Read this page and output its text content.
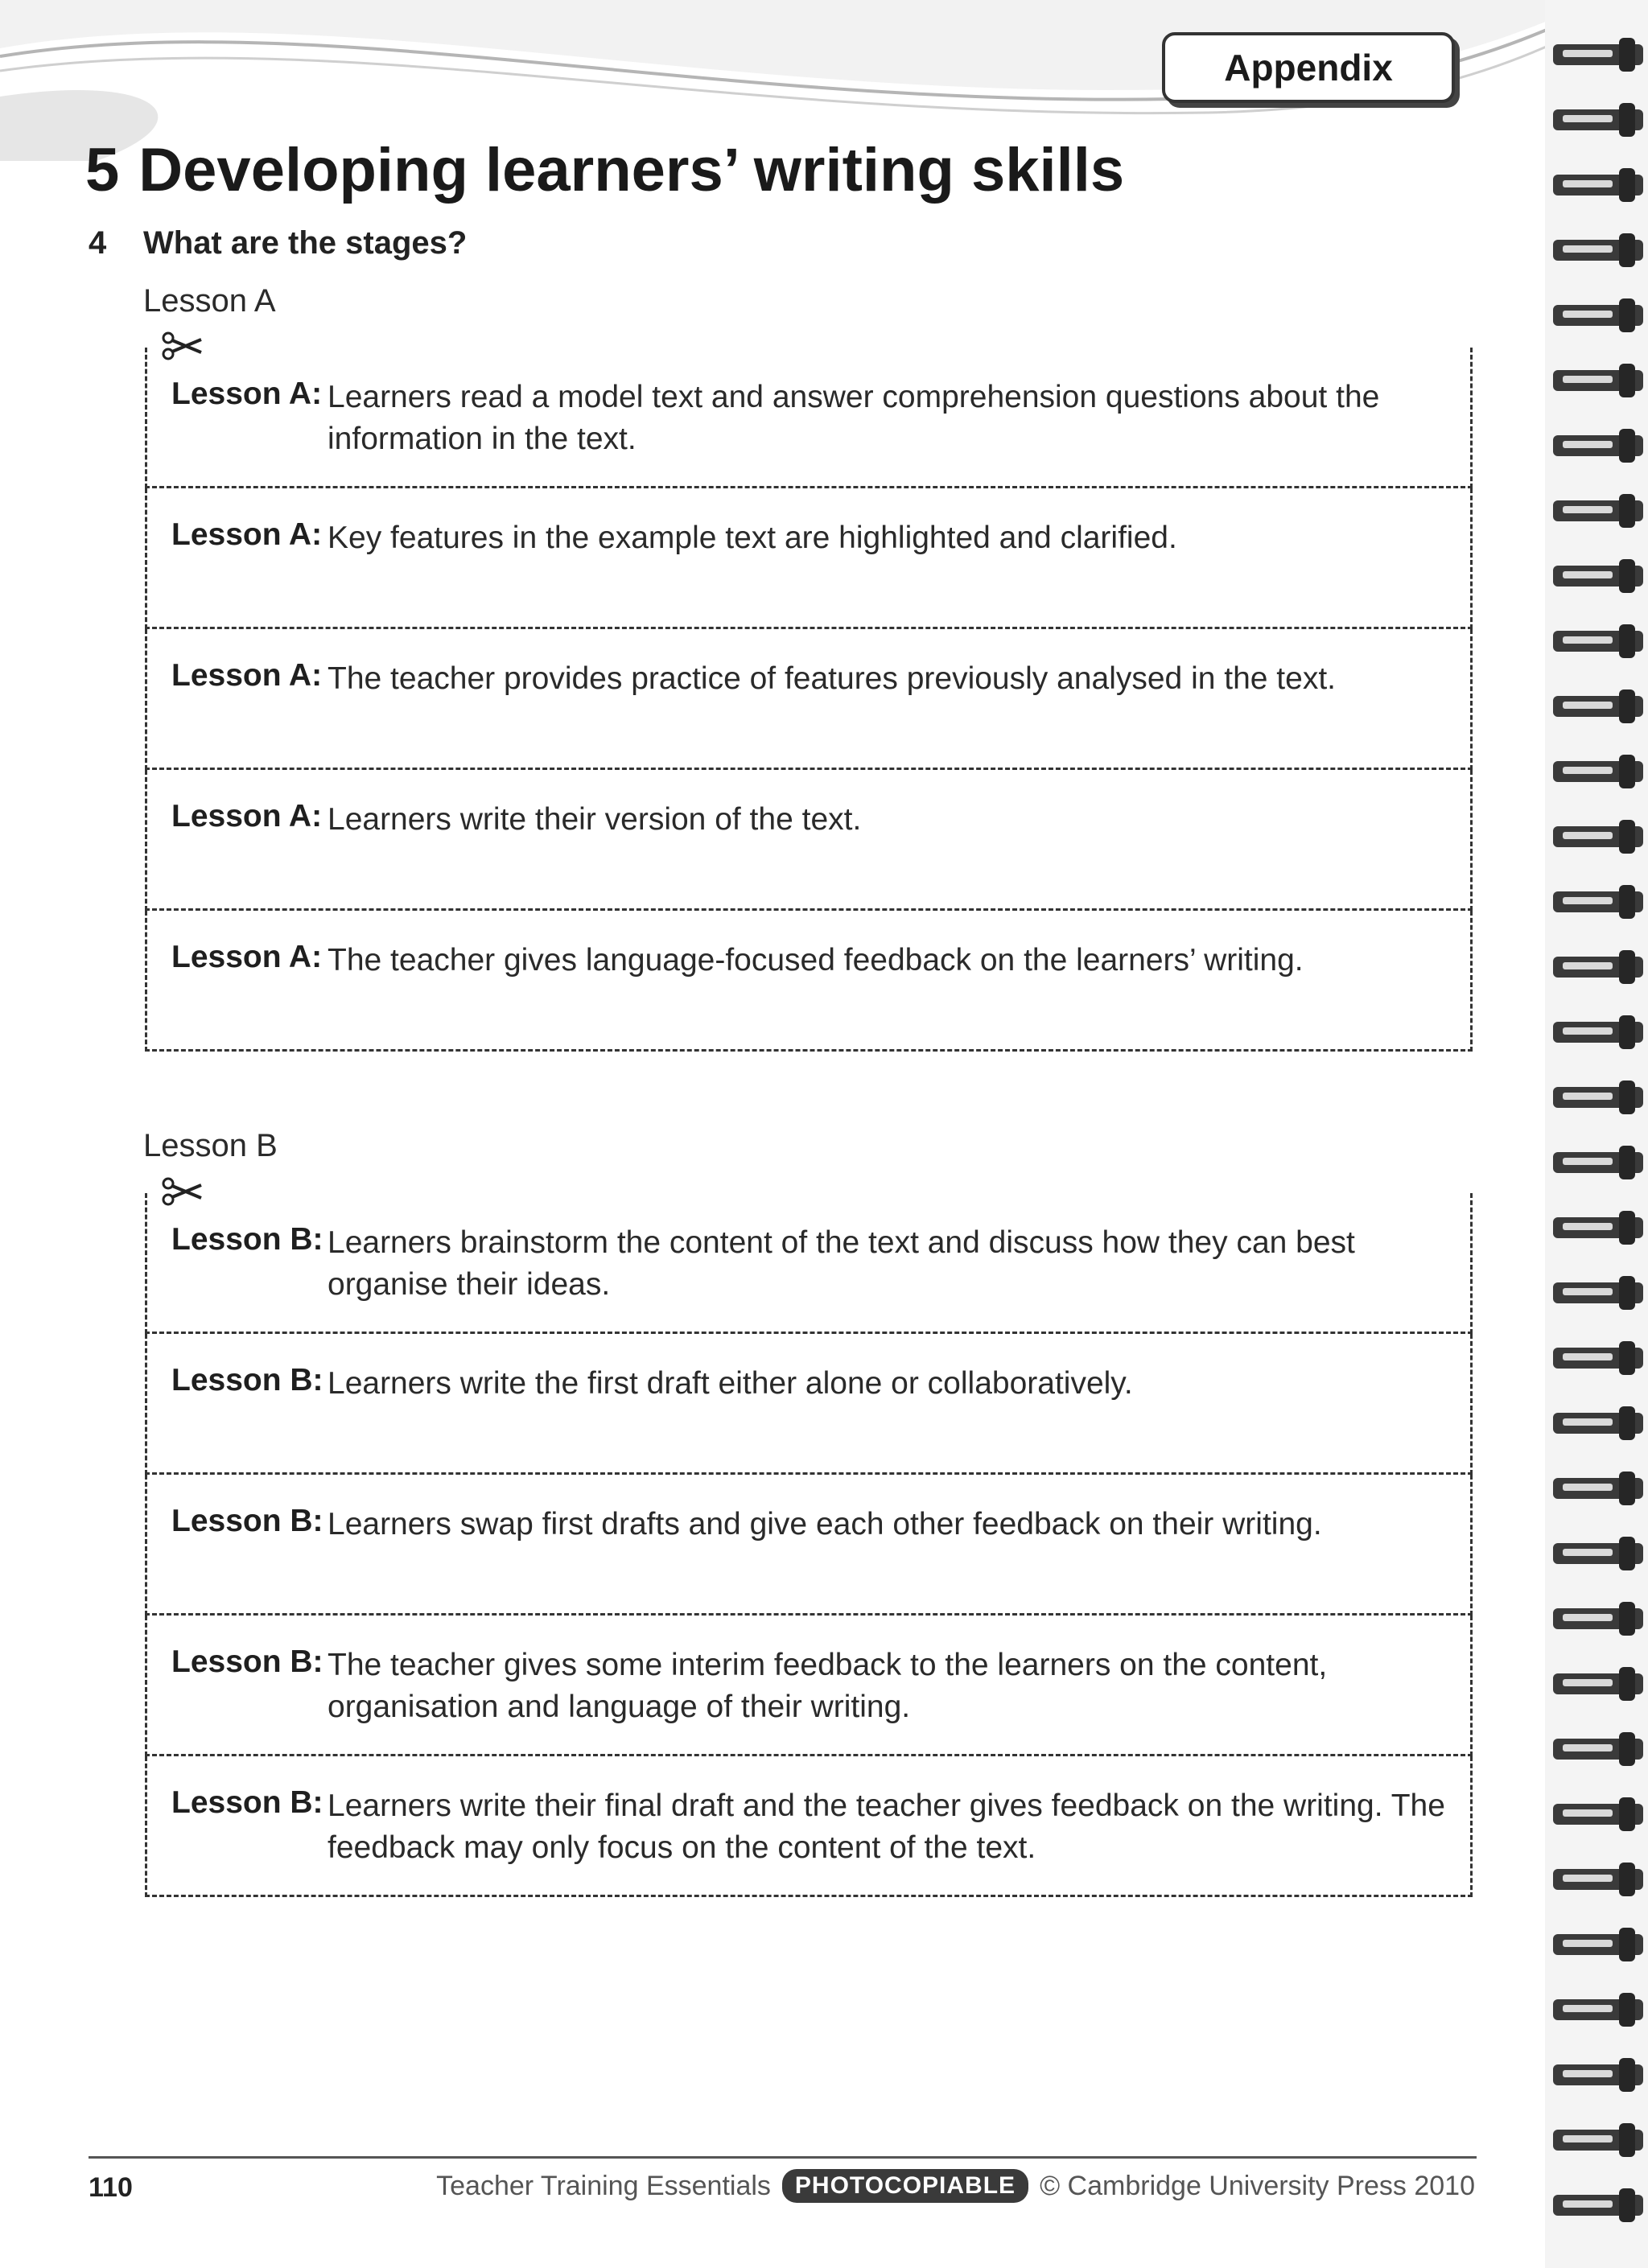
Appendix
5 Developing learners’ writing skills
4 What are the stages?
Lesson A
Lesson A: Learners read a model text and answer comprehension questions about the information in the text.
Lesson A: Key features in the example text are highlighted and clarified.
Lesson A: The teacher provides practice of features previously analysed in the text.
Lesson A: Learners write their version of the text.
Lesson A: The teacher gives language-focused feedback on the learners’ writing.
Lesson B
Lesson B: Learners brainstorm the content of the text and discuss how they can best organise their ideas.
Lesson B: Learners write the first draft either alone or collaboratively.
Lesson B: Learners swap first drafts and give each other feedback on their writing.
Lesson B: The teacher gives some interim feedback to the learners on the content, organisation and language of their writing.
Lesson B: Learners write their final draft and the teacher gives feedback on the writing. The feedback may only focus on the content of the text.
110	Teacher Training Essentials	PHOTOCOPIABLE © Cambridge University Press 2010
